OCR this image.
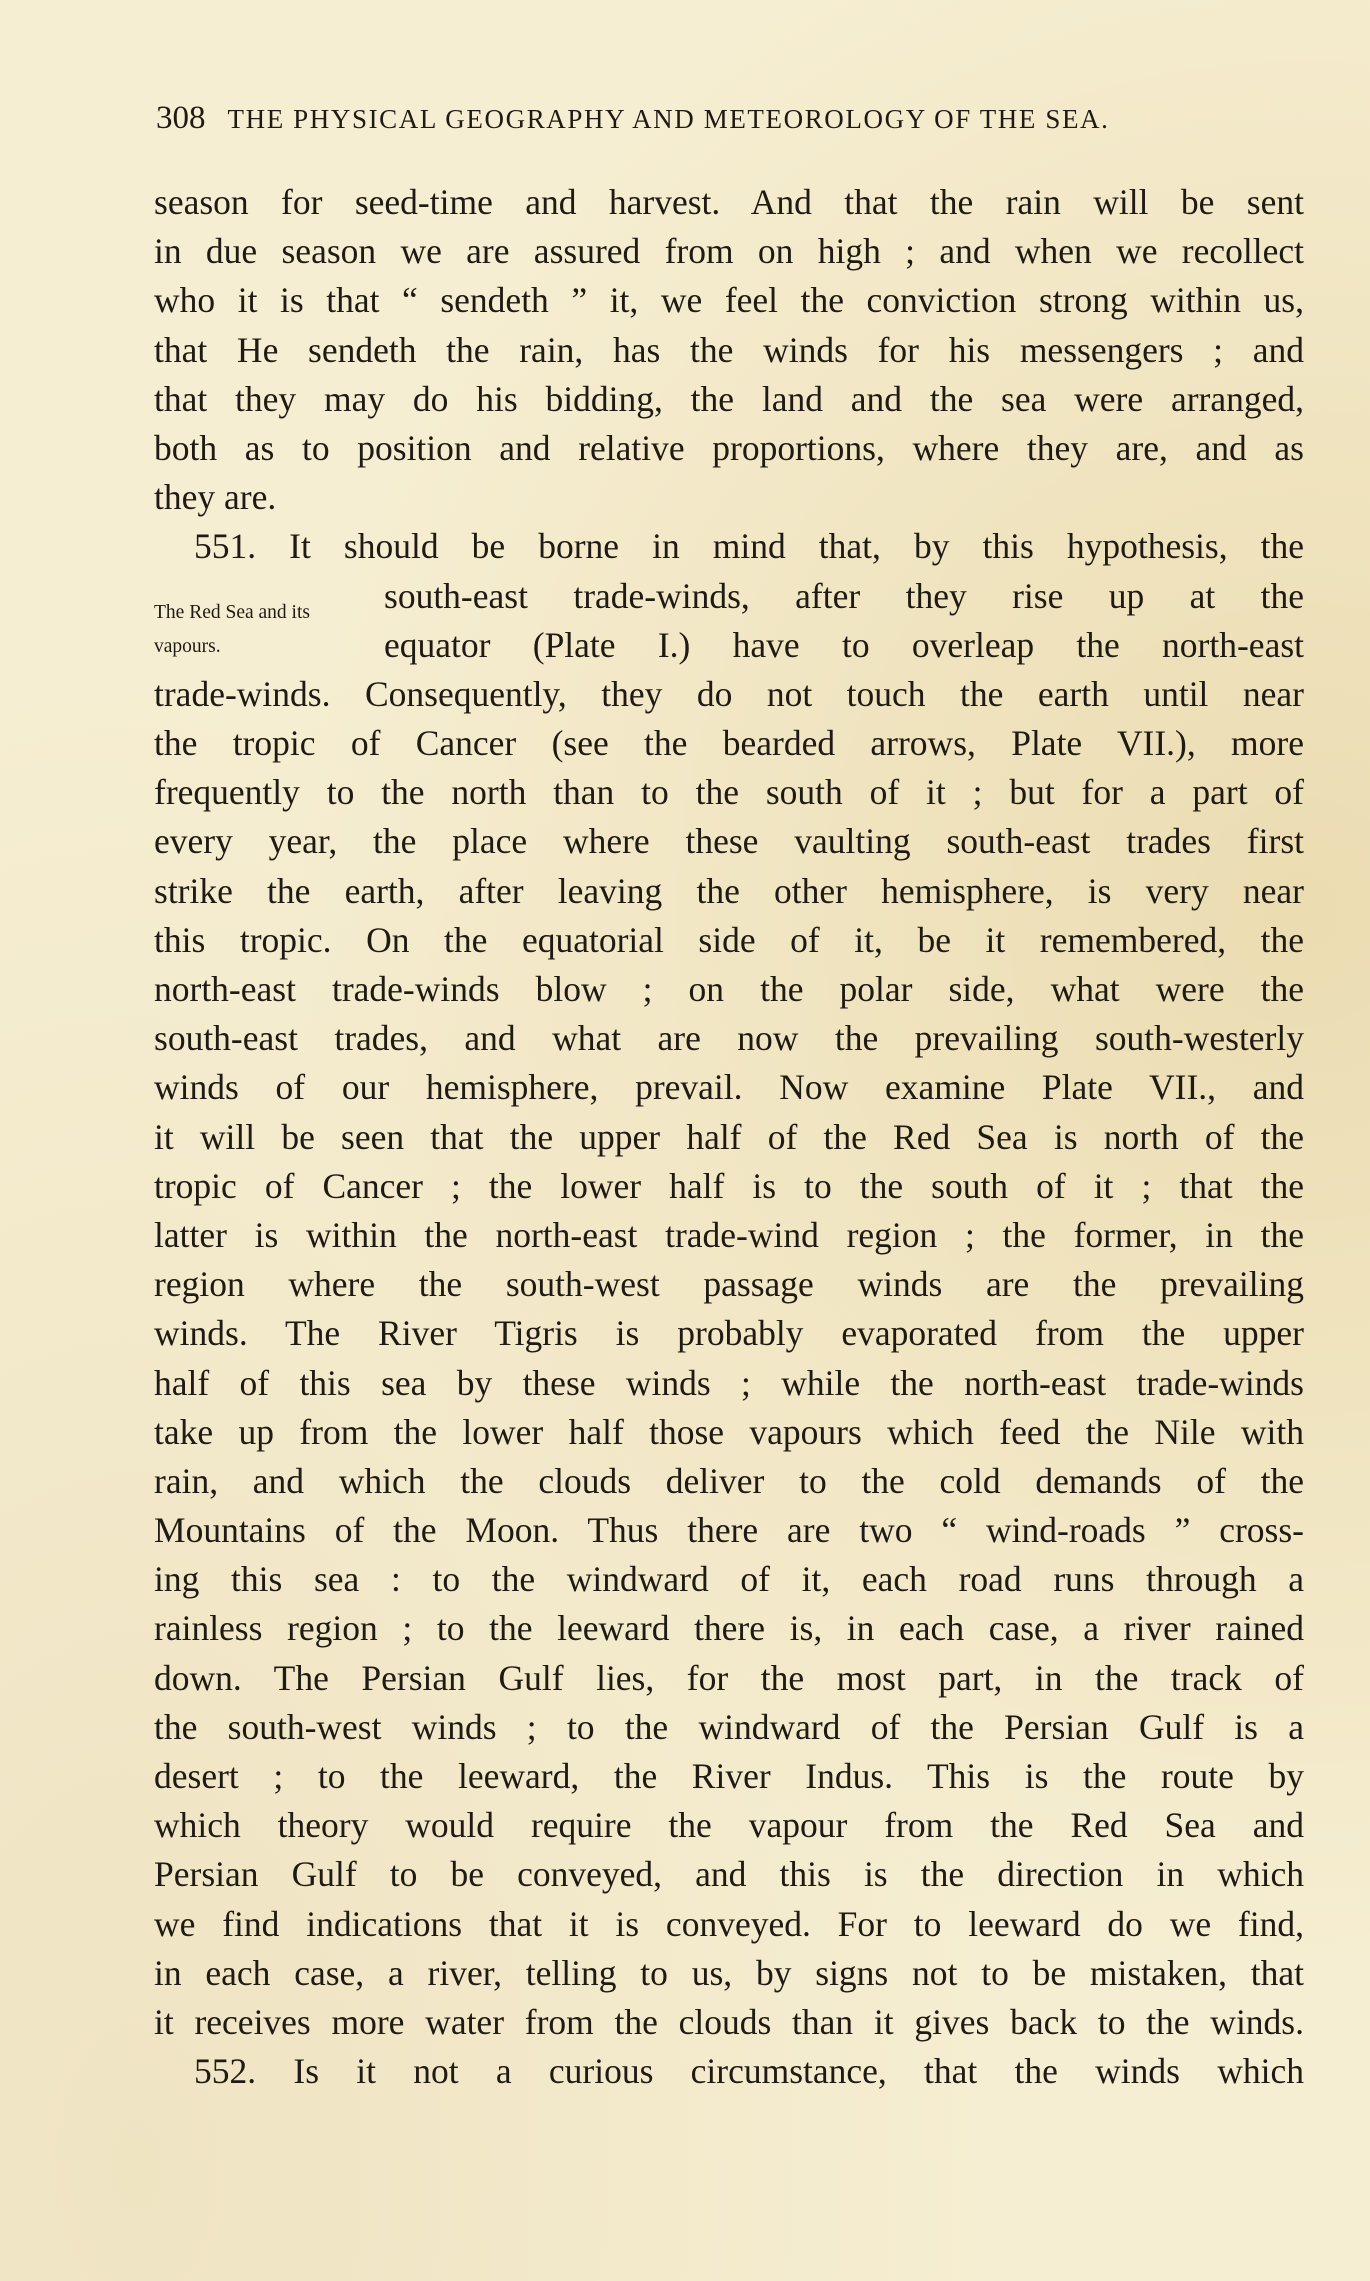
308 THE PHYSICAL GEOGRAPHY AND METEOROLOGY OF THE SEA.
The Red Sea and its
vapours.
season for seed-time and harvest. And that the rain will be sent
in due season we are assured from on high ; and when we recollect
who it is that “ sendeth ” it, we feel the conviction strong within us,
that He sendeth the rain, has the winds for his messengers ; and
that they may do his bidding, the land and the sea were arranged,
both as to position and relative proportions, where they are, and as
they are.
551. It should be borne in mind that, by this hypothesis, the
south-east trade-winds, after they rise up at the
equator (Plate I.) have to overleap the north-east
trade-winds. Consequently, they do not touch the earth until near
the tropic of Cancer (see the bearded arrows, Plate VII.), more
frequently to the north than to the south of it ; but for a part of
every year, the place where these vaulting south-east trades first
strike the earth, after leaving the other hemisphere, is very near
this tropic. On the equatorial side of it, be it remembered, the
north-east trade-winds blow ; on the polar side, what were the
south-east trades, and what are now the prevailing south-westerly
winds of our hemisphere, prevail. Now examine Plate VII., and
it will be seen that the upper half of the Red Sea is north of the
tropic of Cancer ; the lower half is to the south of it ; that the
latter is within the north-east trade-wind region ; the former, in the
region where the south-west passage winds are the prevailing
winds. The River Tigris is probably evaporated from the upper
half of this sea by these winds ; while the north-east trade-winds
take up from the lower half those vapours which feed the Nile with
rain, and which the clouds deliver to the cold demands of the
Mountains of the Moon. Thus there are two “ wind-roads ” cross-
ing this sea : to the windward of it, each road runs through a
rainless region ; to the leeward there is, in each case, a river rained
down. The Persian Gulf lies, for the most part, in the track of
the south-west winds ; to the windward of the Persian Gulf is a
desert ; to the leeward, the River Indus. This is the route by
which theory would require the vapour from the Red Sea and
Persian Gulf to be conveyed, and this is the direction in which
we find indications that it is conveyed. For to leeward do we find,
in each case, a river, telling to us, by signs not to be mistaken, that
it receives more water from the clouds than it gives back to the winds.
552. Is it not a curious circumstance, that the winds which
